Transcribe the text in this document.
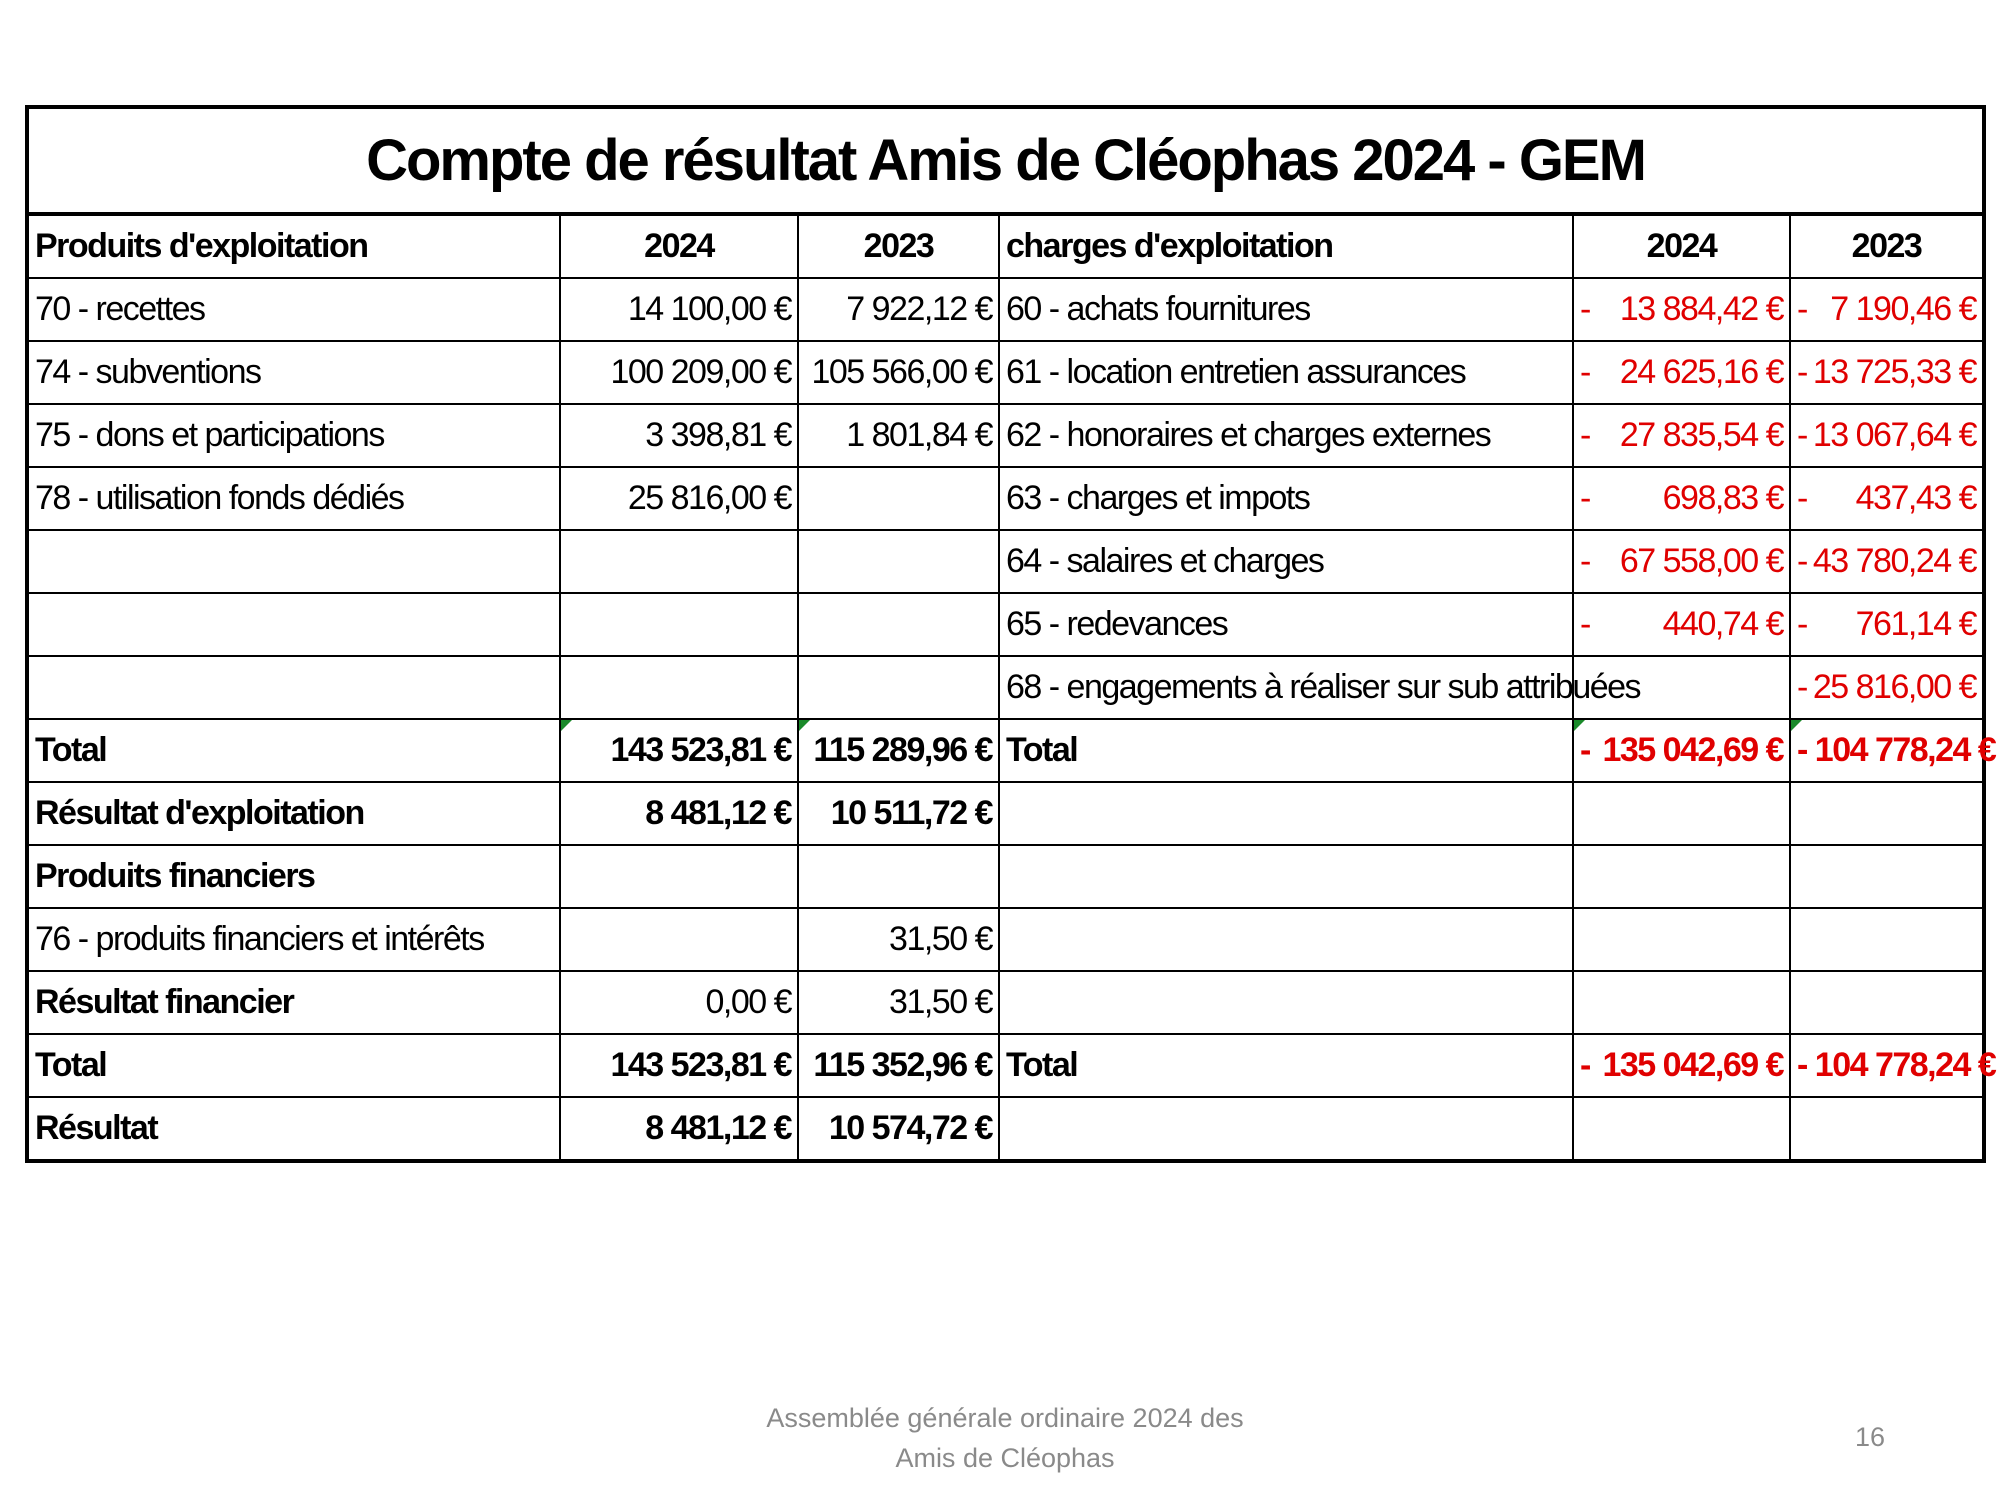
Compte de résultat Amis de Cléophas 2024 - GEM					
Produits d'exploitation	2024	2023	charges d'exploitation	2024	2023
70 - recettes	14 100,00 €	7 922,12 €	60 - achats fournitures	- 13 884,42 €	- 7 190,46 €
74 - subventions	100 209,00 €	105 566,00 €	61 - location entretien assurances	- 24 625,16 €	- 13 725,33 €
75 - dons et participations	3 398,81 €	1 801,84 €	62 - honoraires et charges externes	- 27 835,54 €	- 13 067,64 €
78 - utilisation fonds dédiés	25 816,00 €		63 - charges et impots	- 698,83 €	- 437,43 €
			64 - salaires et charges	- 67 558,00 €	- 43 780,24 €
			65 - redevances	- 440,74 €	- 761,14 €
			68 - engagements à réaliser sur sub attribuées		- 25 816,00 €
Total	143 523,81 €	115 289,96 €	Total	- 135 042,69 €	- 104 778,24 €
Résultat d'exploitation	8 481,12 €	10 511,72 €			
Produits financiers					
76 - produits financiers et intérêts		31,50 €			
Résultat financier	0,00 €	31,50 €			
Total	143 523,81 €	115 352,96 €	Total	- 135 042,69 €	- 104 778,24 €
Résultat	8 481,12 €	10 574,72 €			
Assemblée générale ordinaire 2024 des
Amis de Cléophas
16
